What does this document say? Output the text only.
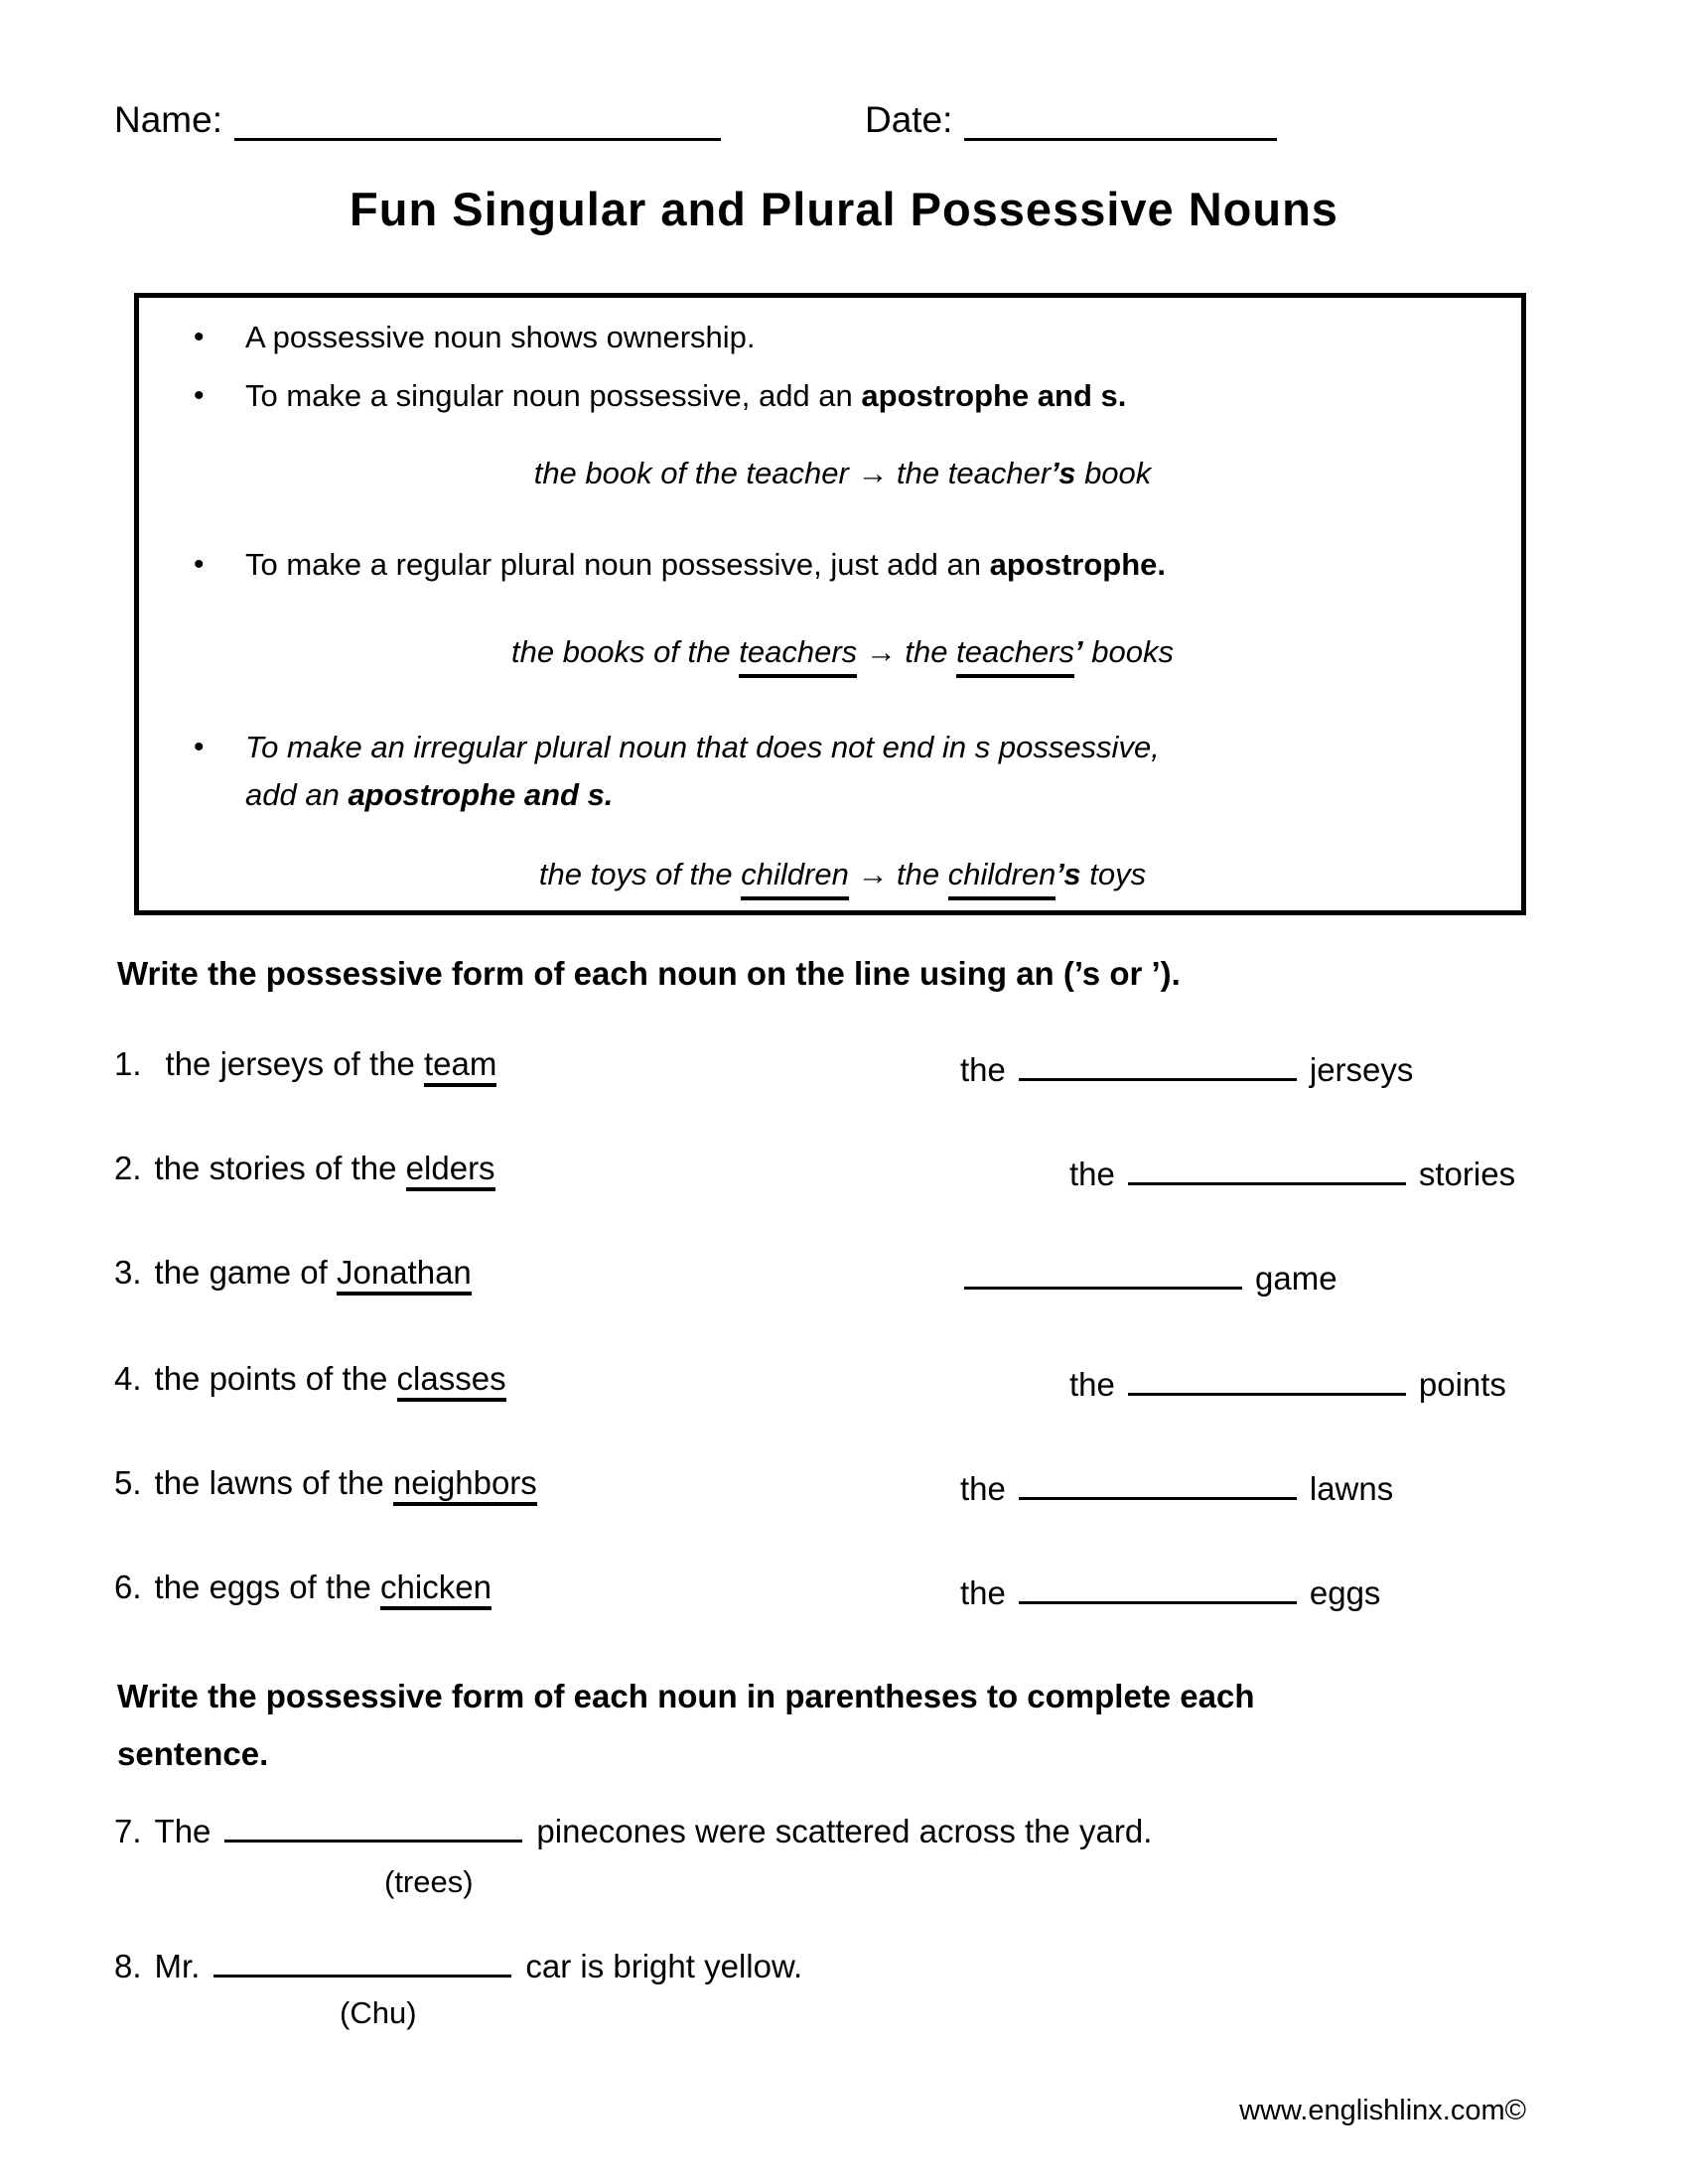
Name:	Date:
Fun Singular and Plural Possessive Nouns
•	A possessive noun shows ownership.
•	To make a singular noun possessive, add an apostrophe and s.
the book of the teacher → the teacher’s book
•	To make a regular plural noun possessive, just add an apostrophe.
the books of the teachers → the teachers’ books
•	To make an irregular plural noun that does not end in s possessive,
add an apostrophe and s.
the toys of the children → the children’s toys
Write the possessive form of each noun on the line using an (’s or ’).
1. the jerseys of the team	the	jerseys
2. the stories of the elders	the	stories
3. the game of Jonathan	game
4. the points of the classes	the	points
5. the lawns of the neighbors	the	lawns
6. the eggs of the chicken	the	eggs
Write the possessive form of each noun in parentheses to complete each
sentence.
7. The	pinecones were scattered across the yard.
(trees)
8. Mr.	car is bright yellow.
(Chu)
www.englishlinx.com©
